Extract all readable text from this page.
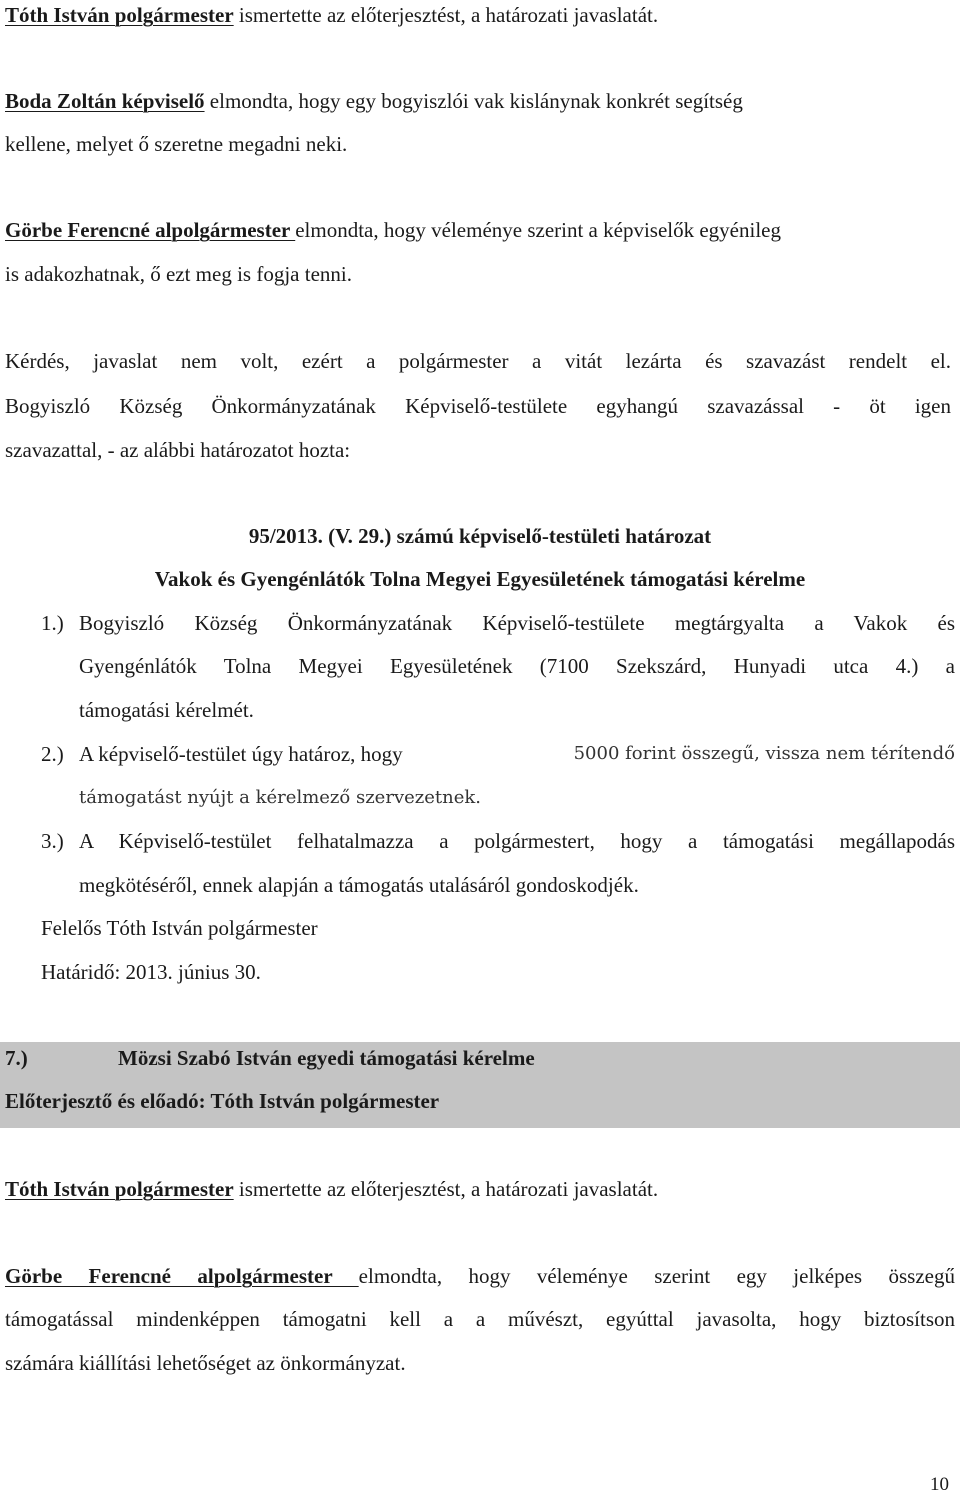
Tóth István polgármester ismertette az előterjesztést, a határozati javaslatát.
Boda Zoltán képviselő elmondta, hogy egy bogyiszlói vak kislánynak konkrét segítség
kellene, melyet ő szeretne megadni neki.
Görbe Ferencné alpolgármester elmondta, hogy véleménye szerint a képviselők egyénileg
is adakozhatnak, ő ezt meg is fogja tenni.
Kérdés, javaslat nem volt, ezért a polgármester a vitát lezárta és szavazást rendelt el.
Bogyiszló Község Önkormányzatának Képviselő-testülete egyhangú szavazással - öt igen
szavazattal, - az alábbi határozatot hozta:
95/2013. (V. 29.) számú képviselő-testületi határozat
Vakok és Gyengénlátók Tolna Megyei Egyesületének támogatási kérelme
1.) Bogyiszló Község Önkormányzatának Képviselő-testülete megtárgyalta a Vakok és
Gyengénlátók Tolna Megyei Egyesületének (7100 Szekszárd, Hunyadi utca 4.) a
támogatási kérelmét.
2.) A képviselő-testület úgy határoz, hogy	5000 forint összegű, vissza nem térítendő
támogatást nyújt a kérelmező szervezetnek.
3.) A Képviselő-testület felhatalmazza a polgármestert, hogy a támogatási megállapodás
megkötéséről, ennek alapján a támogatás utalásáról gondoskodjék.
Felelős Tóth István polgármester
Határidő: 2013. június 30.
7.)	Mözsi Szabó István egyedi támogatási kérelme
Előterjesztő és előadó: Tóth István polgármester
Tóth István polgármester ismertette az előterjesztést, a határozati javaslatát.
Görbe Ferencné alpolgármester elmondta, hogy véleménye szerint egy jelképes összegű
támogatással mindenképpen támogatni kell a a művészt, egyúttal javasolta, hogy biztosítson
számára kiállítási lehetőséget az önkormányzat.
10
